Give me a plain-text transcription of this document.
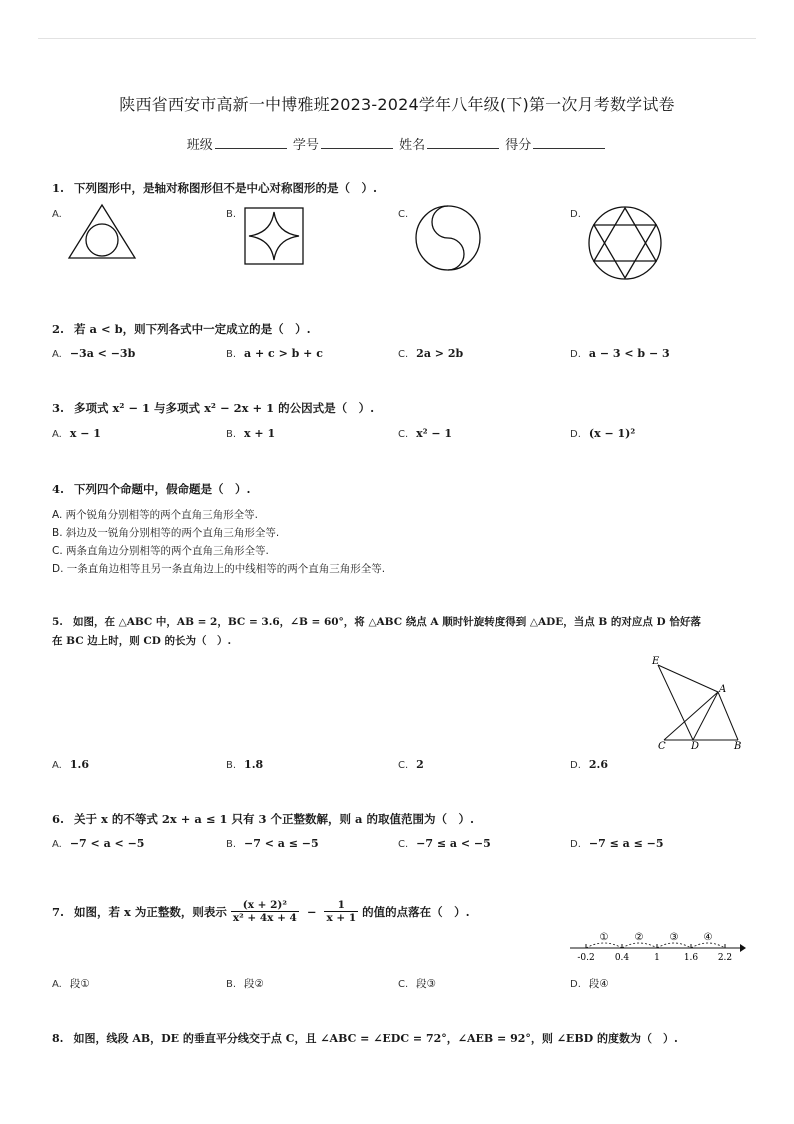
陕西省西安市高新一中博雅班2023-2024学年八年级(下)第一次月考数学试卷
班级	学号	姓名	得分
1. 下列图形中，是轴对称图形但不是中心对称图形的是（　）.
A.	B.	C.	D.
2. 若 a < b，则下列各式中一定成立的是（　）.
A. −3a < −3b	B. a + c > b + c	C. 2a > 2b	D. a − 3 < b − 3
3. 多项式 x² − 1 与多项式 x² − 2x + 1 的公因式是（　）.
A. x − 1	B. x + 1	C. x² − 1	D. (x − 1)²
4. 下列四个命题中，假命题是（　）.
A. 两个锐角分别相等的两个直角三角形全等.
B. 斜边及一锐角分别相等的两个直角三角形全等.
C. 两条直角边分别相等的两个直角三角形全等.
D. 一条直角边相等且另一条直角边上的中线相等的两个直角三角形全等.
5. 如图，在 △ABC 中，AB = 2，BC = 3.6，∠B = 60°，将 △ABC 绕点 A 顺时针旋转度得到 △ADE，当点 B 的对应点 D 恰好落
在 BC 边上时，则 CD 的长为（　）.
E
A
C	D	B
A. 1.6	B. 1.8	C. 2	D. 2.6
6. 关于 x 的不等式 2x + a ≤ 1 只有 3 个正整数解，则 a 的取值范围为（　）.
A. −7 < a < −5	B. −7 < a ≤ −5	C. −7 ≤ a < −5	D. −7 ≤ a ≤ −5
7. 如图，若 x 为正整数，则表示 (x + 2)²
$x^2 + 4x + 4 - \frac{1}{x + 1}$ 的值的点落在（　）.
①	②	③	④
-0.2 0.4	1	1.6 2.2
A. 段①	B. 段②	C. 段③	D. 段④
8. 如图，线段 AB，DE 的垂直平分线交于点 C，且 ∠ABC = ∠EDC = 72°，∠AEB = 92°，则 ∠EBD 的度数为（　）.
